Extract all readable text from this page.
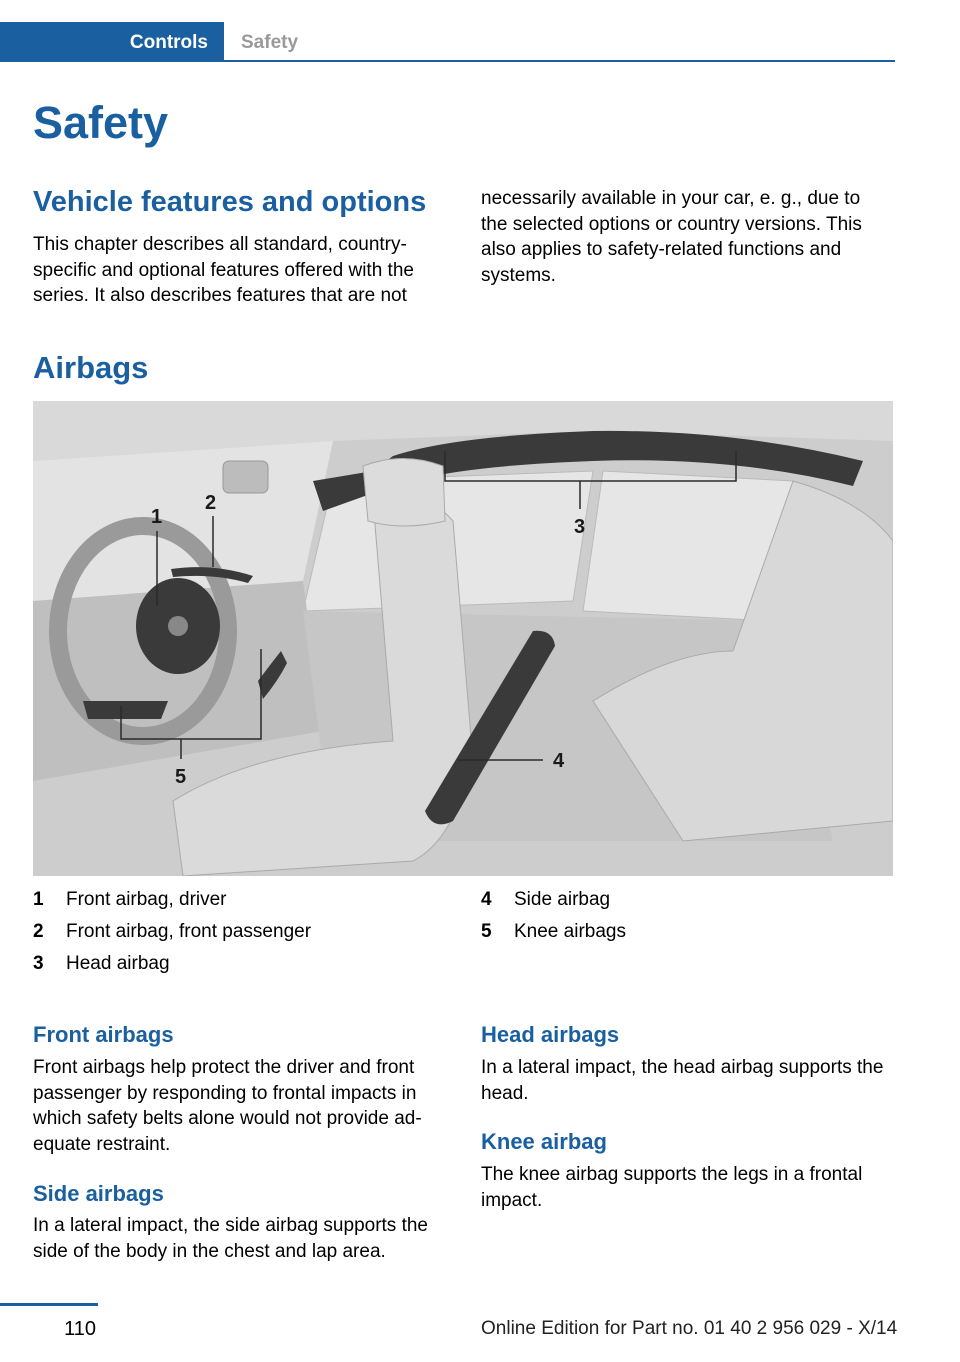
Controls Safety
Safety
Vehicle features and options

This chapter describes all standard, country-specific and optional features offered with the series. It also describes features that are not

necessarily available in your car, e. g., due to the selected options or country versions. This also applies to safety-related functions and systems.

Airbags
1
2
3
4
5
1 Front airbag, driver
2 Front airbag, front passenger
3 Head airbag
4 Side airbag
5 Knee airbags
Front airbags

Front airbags help protect the driver and front passenger by responding to frontal impacts in which safety belts alone would not provide ad‐equate restraint.

Side airbags

In a lateral impact, the side airbag supports the side of the body in the chest and lap area.

Head airbags

In a lateral impact, the head airbag supports the head.

Knee airbag

The knee airbag supports the legs in a frontal impact.

110	Online Edition for Part no. 01 40 2 956 029 - X/14
